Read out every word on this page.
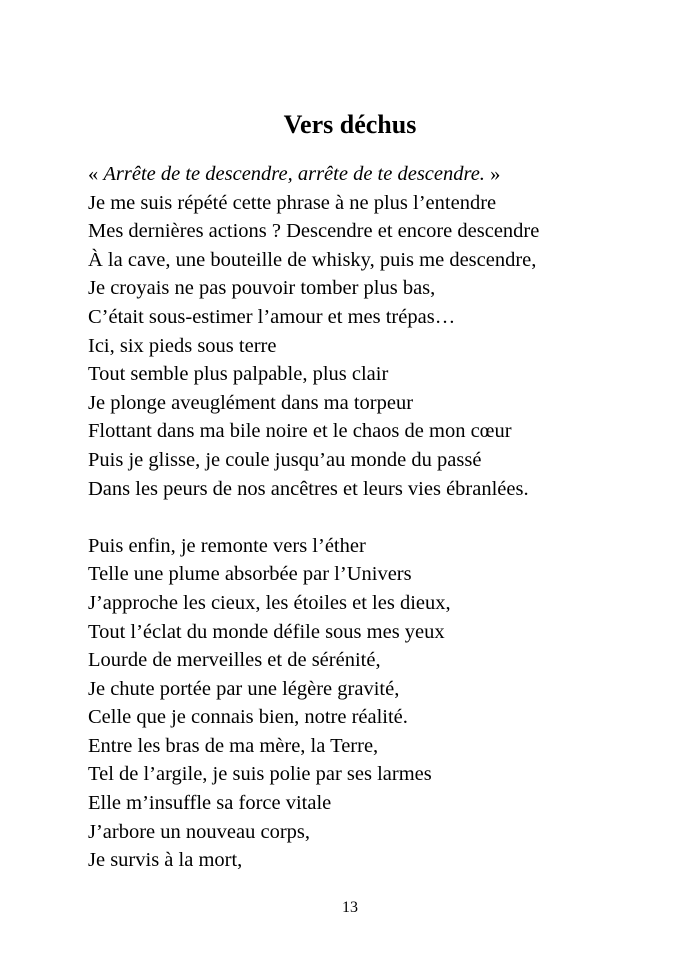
Vers déchus
« Arrête de te descendre, arrête de te descendre. »
Je me suis répété cette phrase à ne plus l’entendre
Mes dernières actions ? Descendre et encore descendre
À la cave, une bouteille de whisky, puis me descendre,
Je croyais ne pas pouvoir tomber plus bas,
C’était sous-estimer l’amour et mes trépas…
Ici, six pieds sous terre
Tout semble plus palpable, plus clair
Je plonge aveuglément dans ma torpeur
Flottant dans ma bile noire et le chaos de mon cœur
Puis je glisse, je coule jusqu’au monde du passé
Dans les peurs de nos ancêtres et leurs vies ébranlées.
Puis enfin, je remonte vers l’éther
Telle une plume absorbée par l’Univers
J’approche les cieux, les étoiles et les dieux,
Tout l’éclat du monde défile sous mes yeux
Lourde de merveilles et de sérénité,
Je chute portée par une légère gravité,
Celle que je connais bien, notre réalité.
Entre les bras de ma mère, la Terre,
Tel de l’argile, je suis polie par ses larmes
Elle m’insuffle sa force vitale
J’arbore un nouveau corps,
Je survis à la mort,
13
